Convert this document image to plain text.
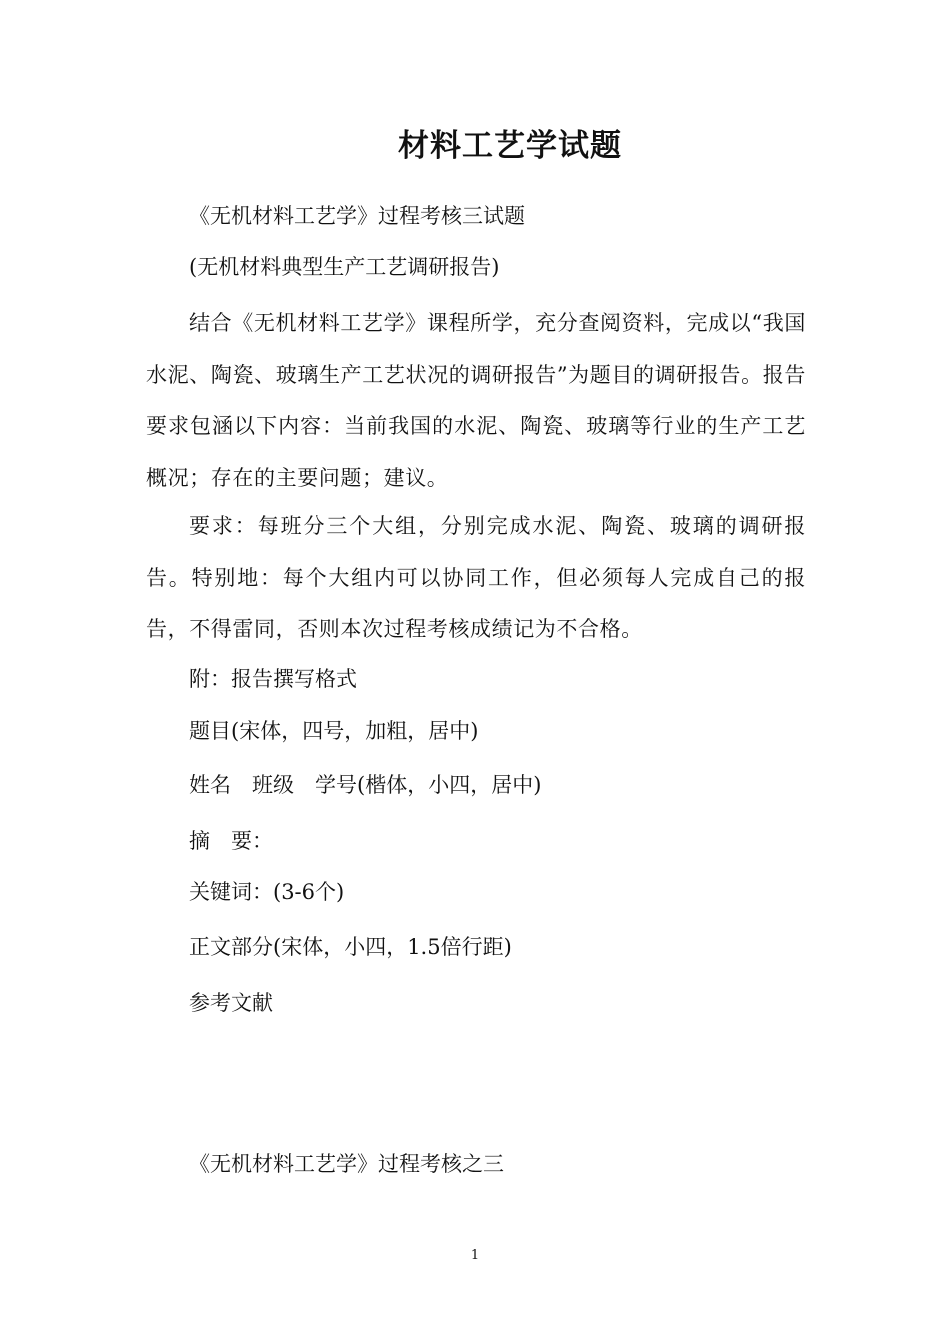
材料工艺学试题
《无机材料工艺学》过程考核三试题
(无机材料典型生产工艺调研报告)
结合《无机材料工艺学》课程所学，充分查阅资料，完成以“我国水泥、陶瓷、玻璃生产工艺状况的调研报告”为题目的调研报告。报告要求包涵以下内容：当前我国的水泥、陶瓷、玻璃等行业的生产工艺概况；存在的主要问题；建议。
要求：每班分三个大组，分别完成水泥、陶瓷、玻璃的调研报告。特别地：每个大组内可以协同工作，但必须每人完成自己的报告，不得雷同，否则本次过程考核成绩记为不合格。
附：报告撰写格式
题目(宋体，四号，加粗，居中)
姓名　班级　学号(楷体，小四，居中)
摘　要：
关键词：(3-6个)
正文部分(宋体，小四，1.5倍行距)
参考文献
《无机材料工艺学》过程考核之三
1
